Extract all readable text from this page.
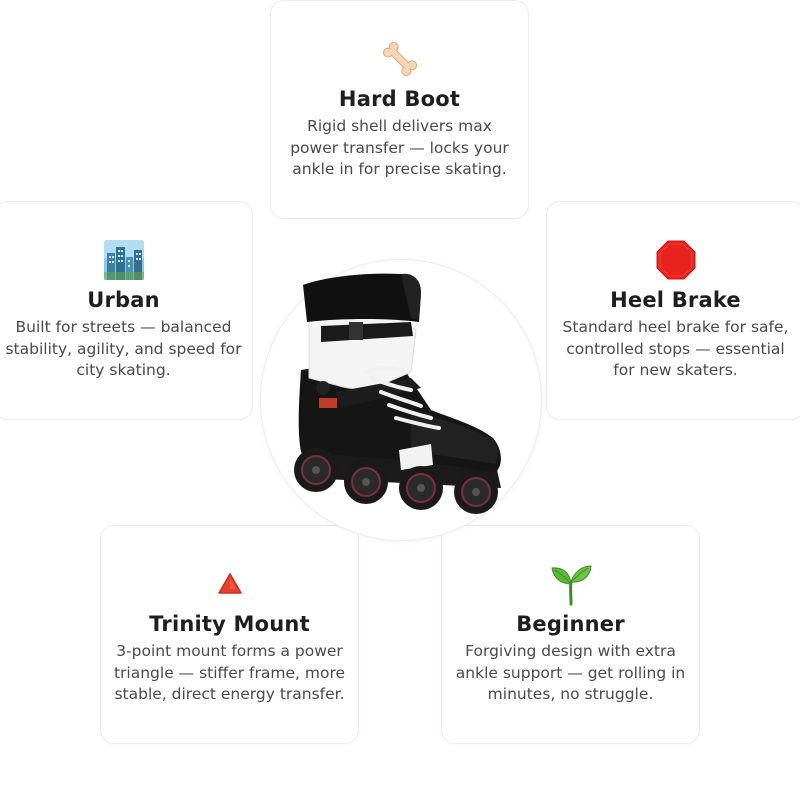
Hard Boot
Rigid shell delivers max
power transfer — locks your
ankle in for precise skating.
Urban
Built for streets — balanced
stability, agility, and speed for
city skating.
Heel Brake
Standard heel brake for safe,
controlled stops — essential
for new skaters.
Trinity Mount
3-point mount forms a power
triangle — stiffer frame, more
stable, direct energy transfer.
Beginner
Forgiving design with extra
ankle support — get rolling in
minutes, no struggle.
